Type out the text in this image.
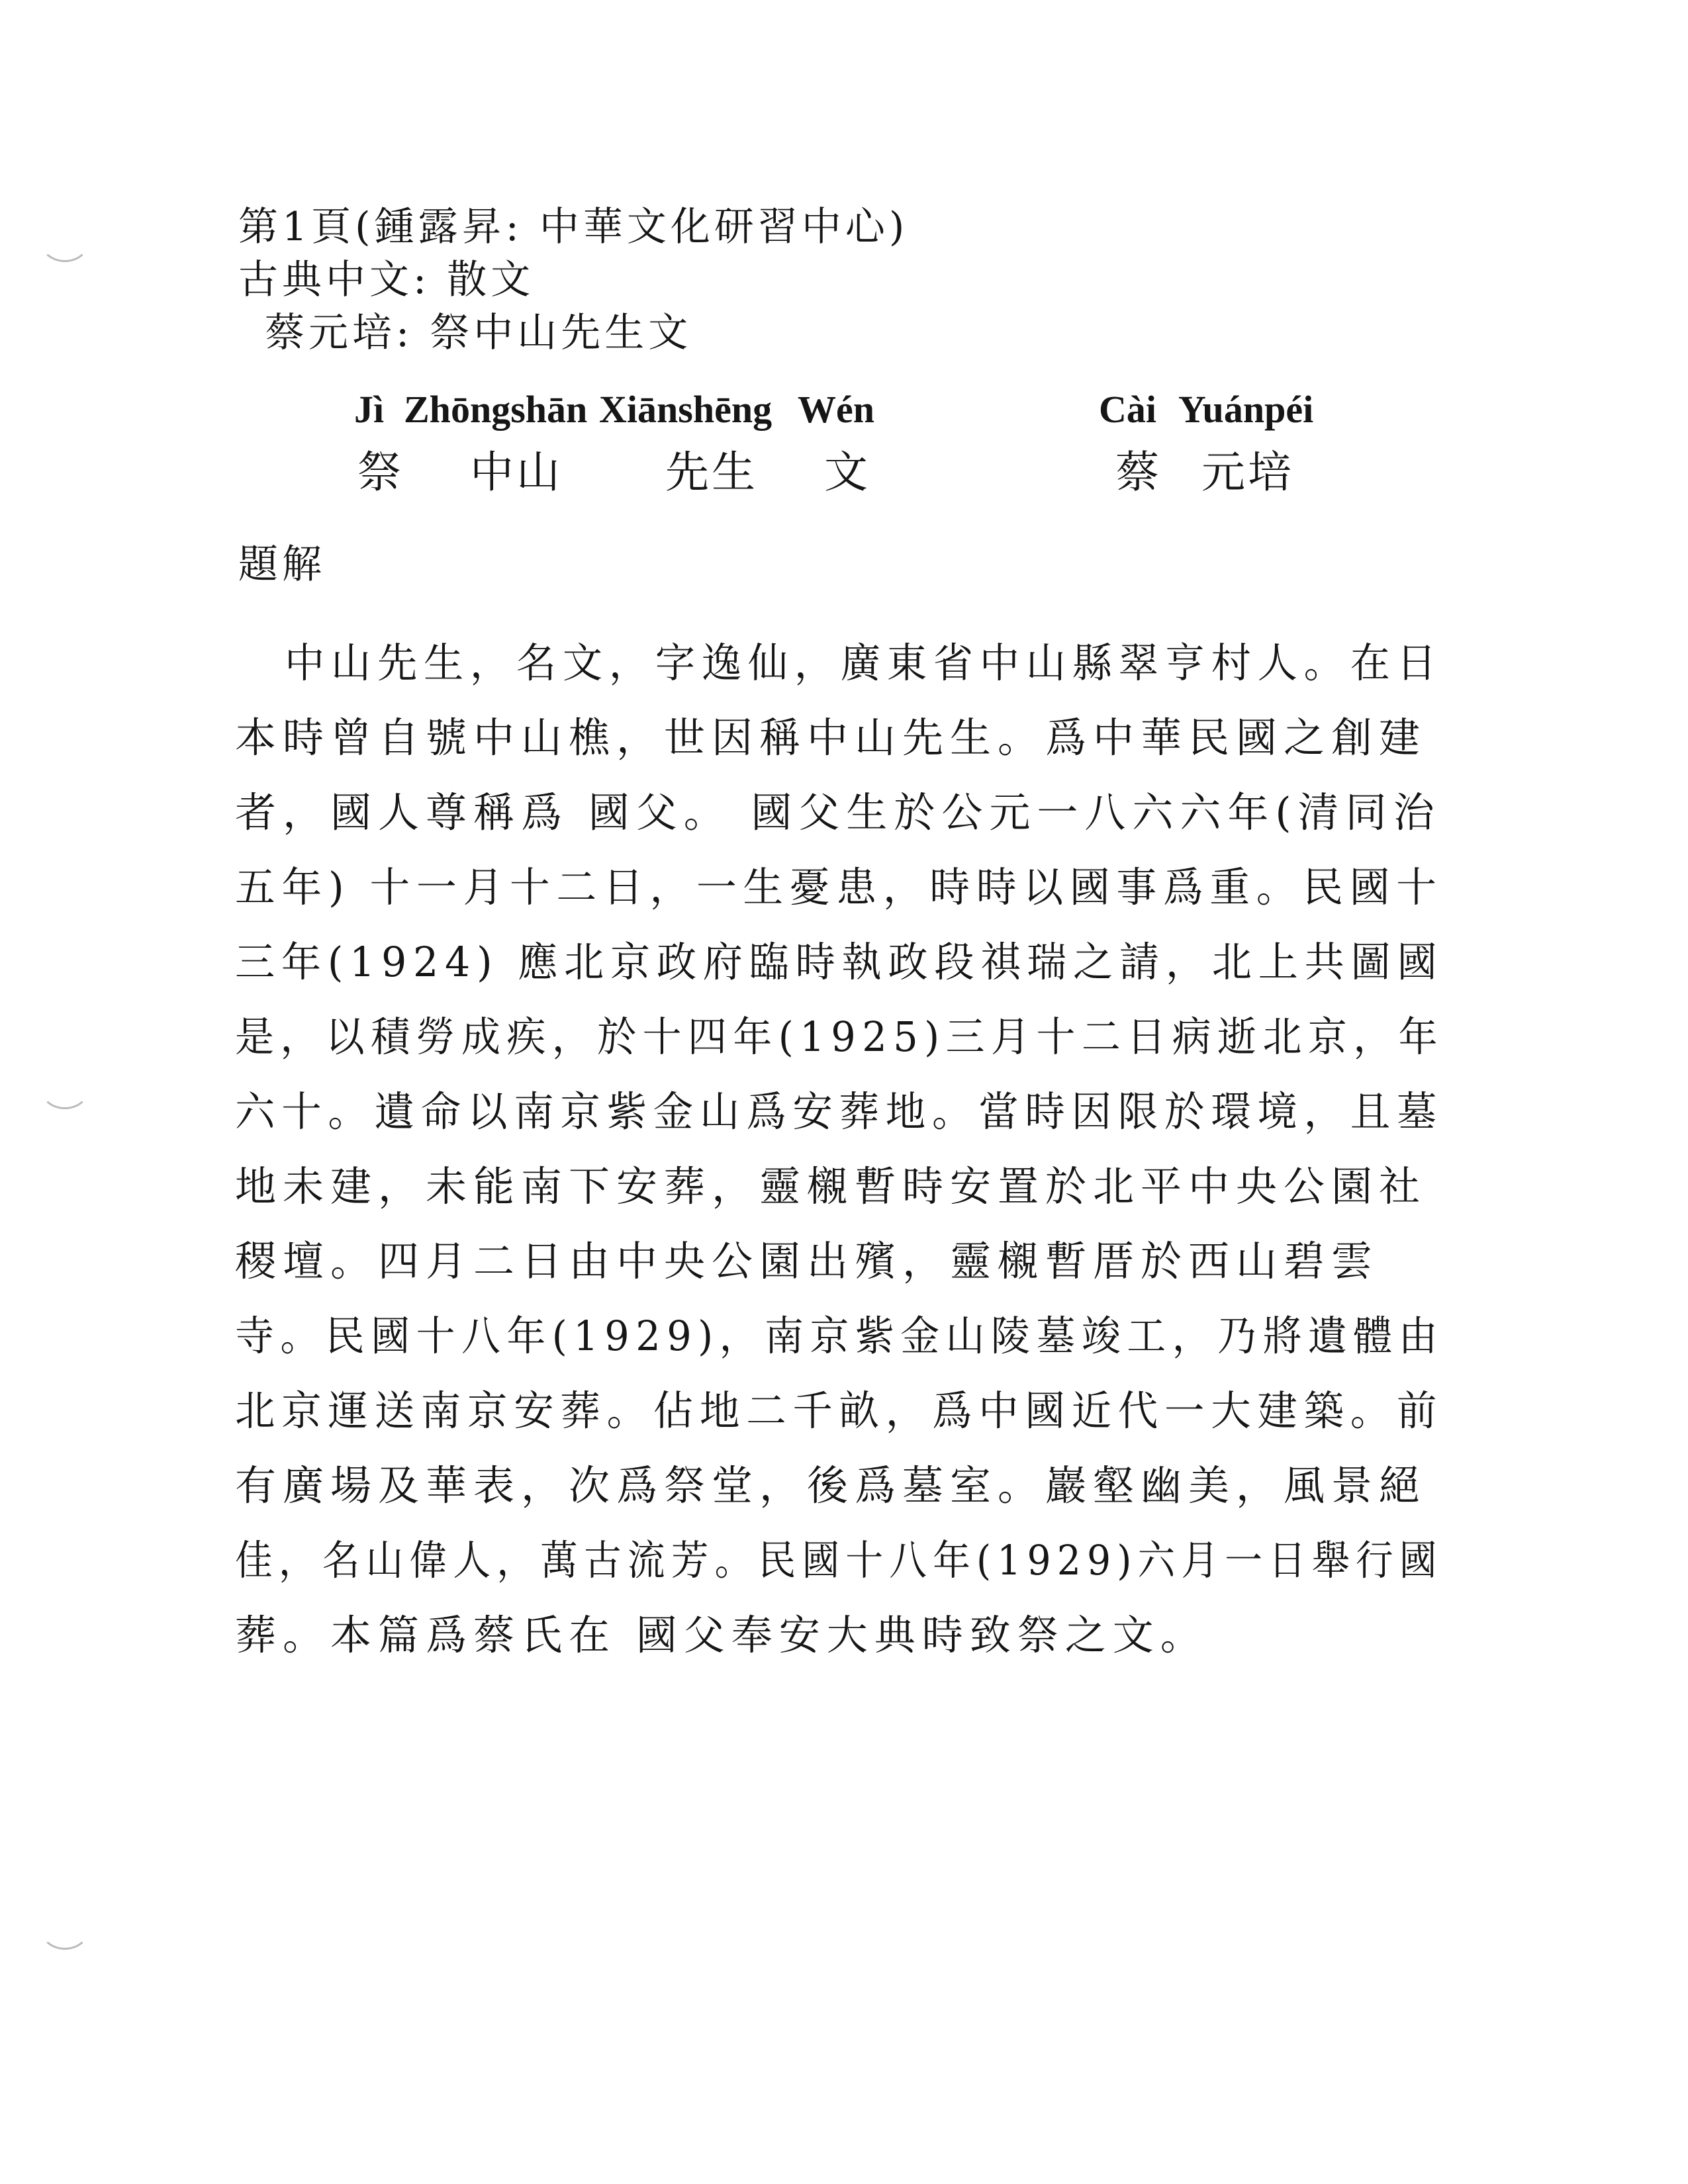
第1頁(鍾露昇: 中華文化研習中心)
古典中文: 散文
蔡元培: 祭中山先生文
Jì Zhōngshān Xiānshēng Wén	Cài Yuánpéi
祭 中山 先生 文	蔡 元培
題解
中山先生，名文，字逸仙，廣東省中山縣翠亨村人。在日
本時曾自號中山樵，世因稱中山先生。爲中華民國之創建
者，國人尊稱爲 國父。 國父生於公元一八六六年(清同治
五年) 十一月十二日，一生憂患，時時以國事爲重。民國十
三年(1924) 應北京政府臨時執政段祺瑞之請，北上共圖國
是，以積勞成疾，於十四年(1925)三月十二日病逝北京，年
六十。遺命以南京紫金山爲安葬地。當時因限於環境，且墓
地未建，未能南下安葬，靈櫬暫時安置於北平中央公園社
稷壇。四月二日由中央公園出殯，靈櫬暫厝於西山碧雲
寺。民國十八年(1929)，南京紫金山陵墓竣工，乃將遺體由
北京運送南京安葬。佔地二千畝，爲中國近代一大建築。前
有廣場及華表，次爲祭堂，後爲墓室。巖壑幽美，風景絕
佳，名山偉人，萬古流芳。民國十八年(1929)六月一日舉行國
葬。本篇爲蔡氏在 國父奉安大典時致祭之文。
